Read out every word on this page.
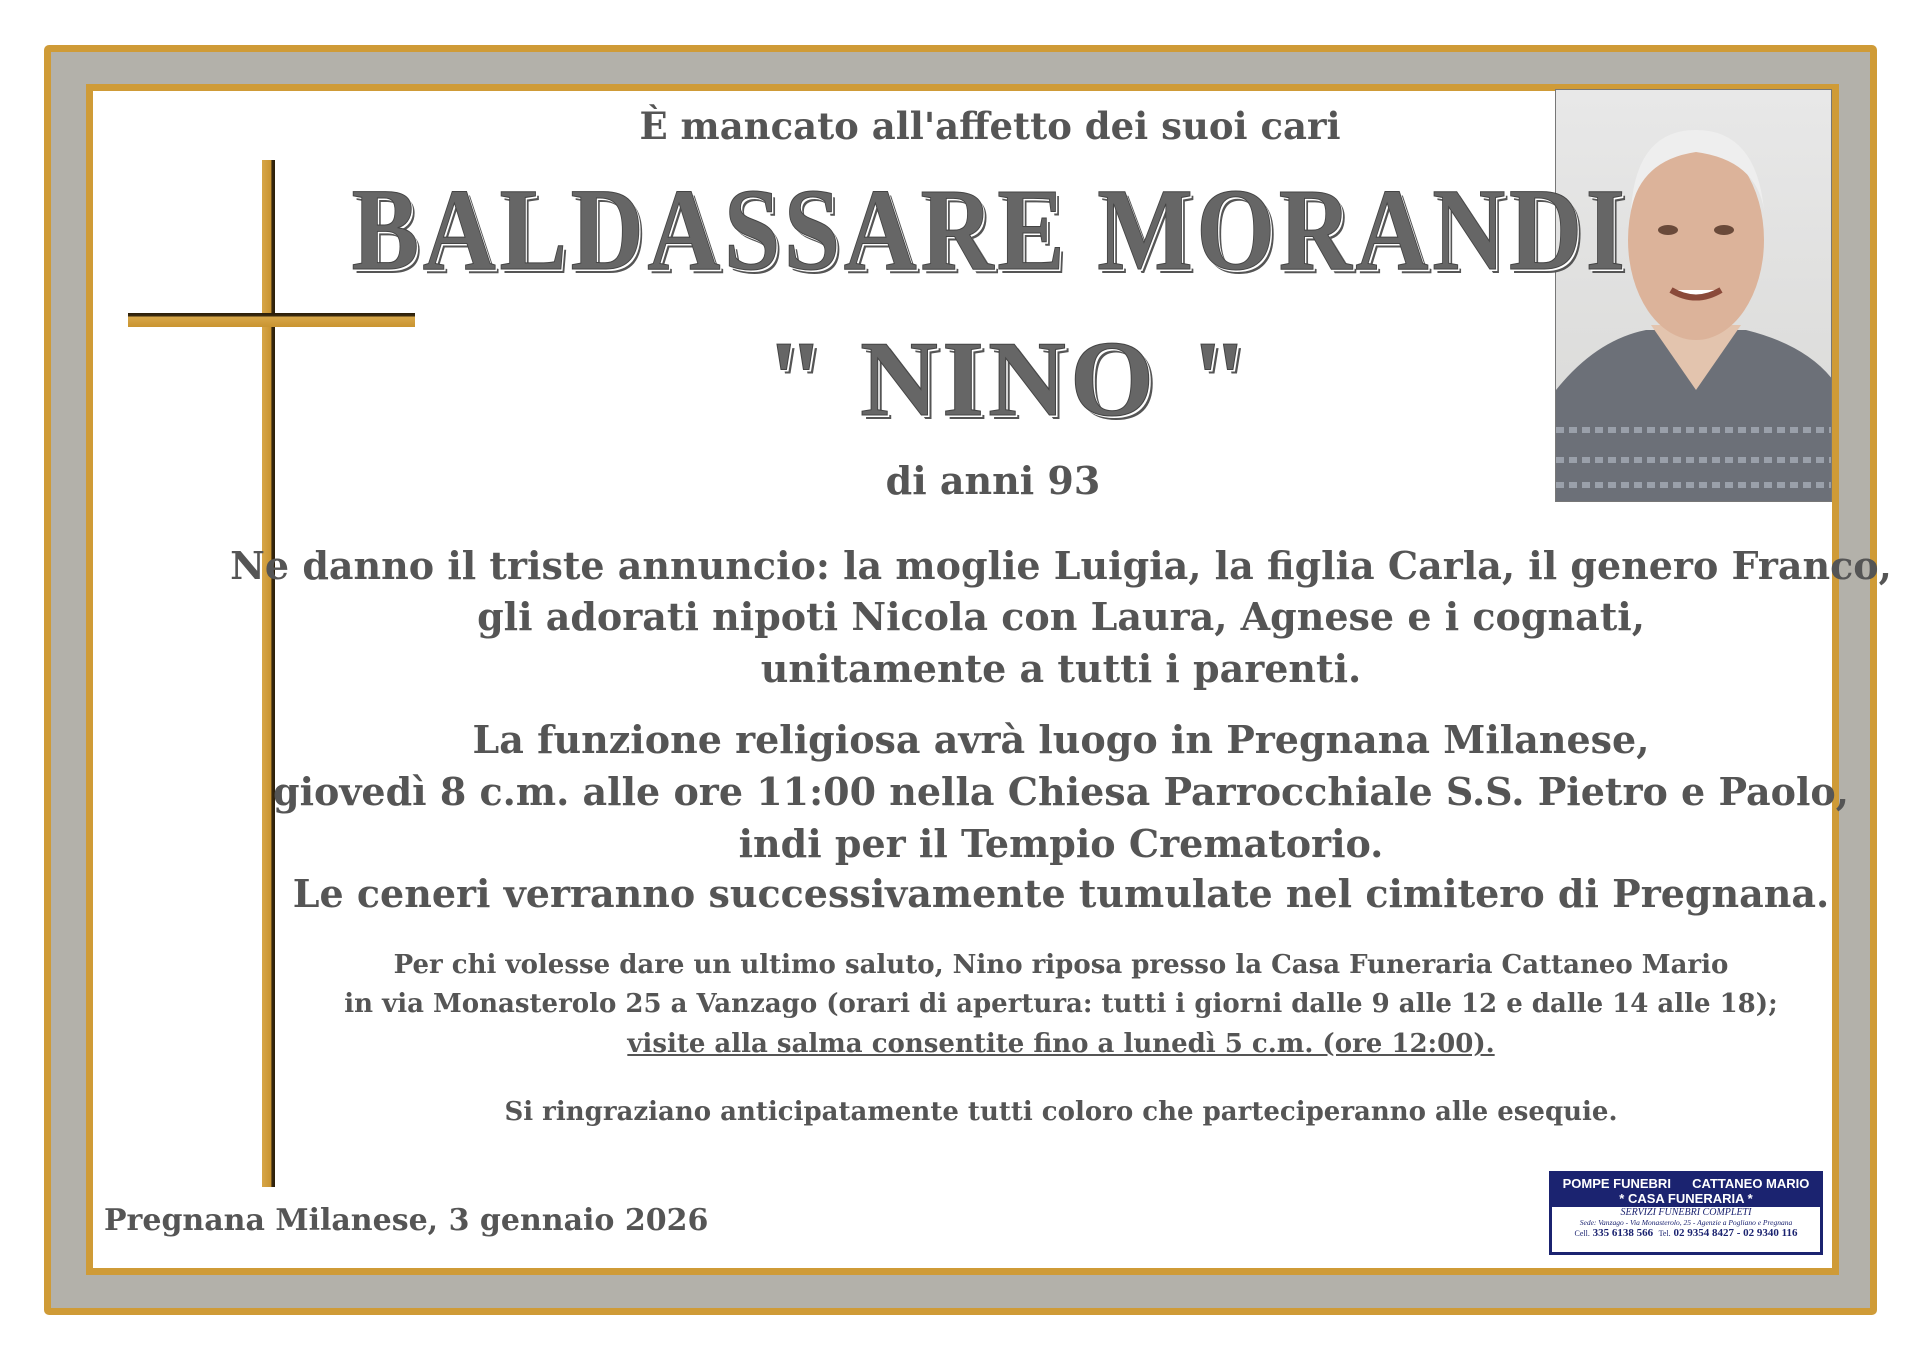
È mancato all'affetto dei suoi cari
BALDASSARE MORANDI
" NINO "
di anni 93
Ne danno il triste annuncio: la moglie Luigia, la figlia Carla, il genero Franco,
gli adorati nipoti Nicola con Laura, Agnese e i cognati,
unitamente a tutti i parenti.
La funzione religiosa avrà luogo in Pregnana Milanese,
giovedì 8 c.m. alle ore 11:00 nella Chiesa Parrocchiale S.S. Pietro e Paolo,
indi per il Tempio Crematorio.
Le ceneri verranno successivamente tumulate nel cimitero di Pregnana.
Per chi volesse dare un ultimo saluto, Nino riposa presso la Casa Funeraria Cattaneo Mario
in via Monasterolo 25 a Vanzago (orari di apertura: tutti i giorni dalle 9 alle 12 e dalle 14 alle 18);
visite alla salma consentite fino a lunedì 5 c.m. (ore 12:00).
Si ringraziano anticipatamente tutti coloro che parteciperanno alle esequie.
Pregnana Milanese, 3 gennaio 2026
POMPE FUNEBRI CATTANEO MARIO
* CASA FUNERARIA *
SERVIZI FUNEBRI COMPLETI
Sede: Vanzago - Via Monasterolo, 25 - Agenzie a Pogliano e Pregnana
Cell. 335 6138 566 Tel. 02 9354 8427 - 02 9340 116
